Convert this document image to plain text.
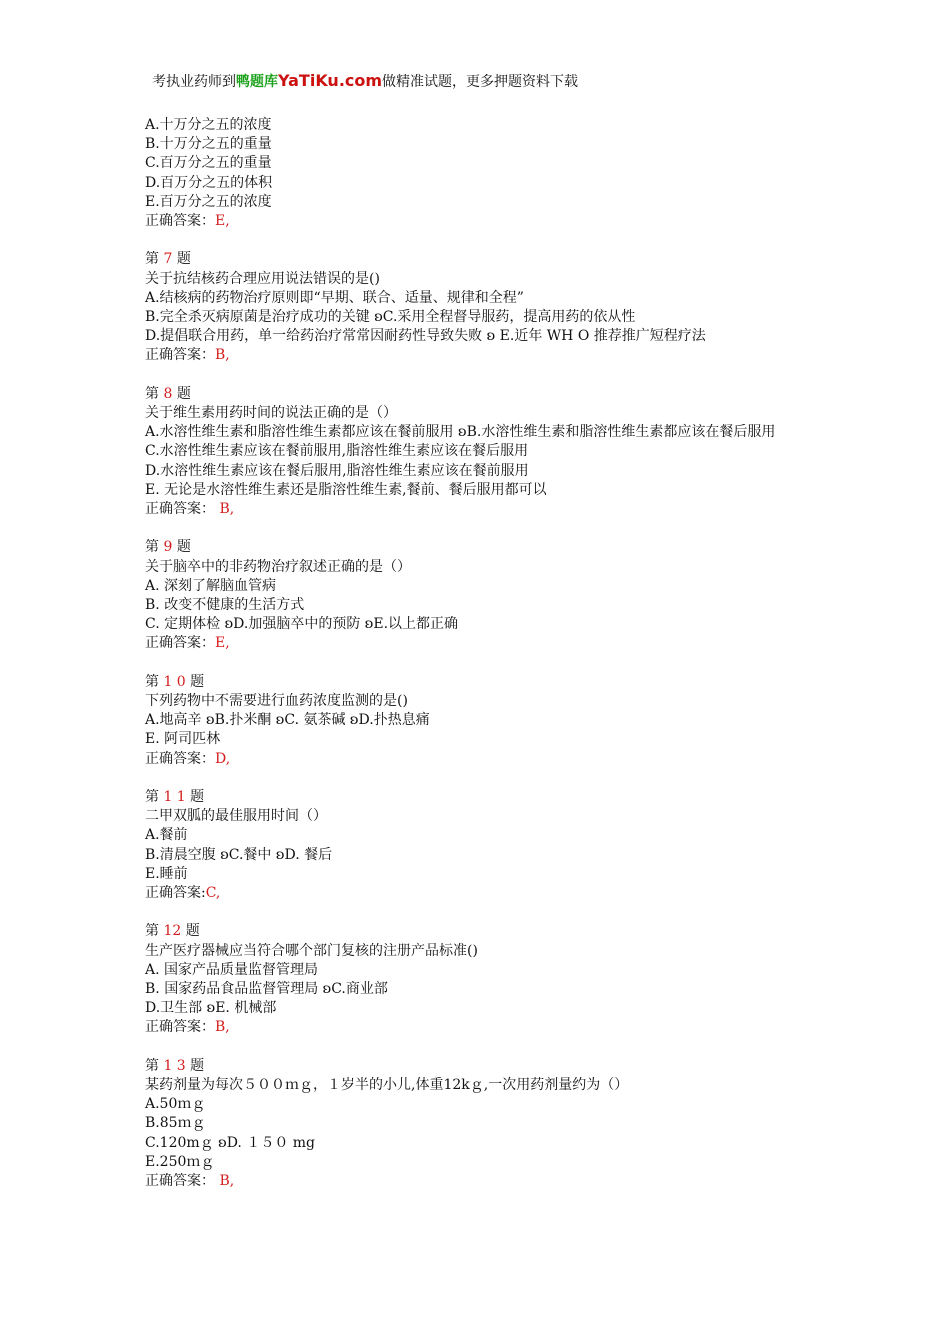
考执业药师到鸭题库YaTiKu.com做精准试题，更多押题资料下载
A.十万分之五的浓度
B.十万分之五的重量
C.百万分之五的重量
D.百万分之五的体积
E.百万分之五的浓度
正确答案：E,
第 7 题
关于抗结核药合理应用说法错误的是()
A.结核病的药物治疗原则即“早期、联合、适量、规律和全程”
B.完全杀灭病原菌是治疗成功的关键 ʚC.采用全程督导服药，提高用药的依从性
D.提倡联合用药，单一给药治疗常常因耐药性导致失败 ʚ E.近年 WH O 推荐推广短程疗法
正确答案：B,
第 8 题
关于维生素用药时间的说法正确的是（）
A.水溶性维生素和脂溶性维生素都应该在餐前服用 ʚB.水溶性维生素和脂溶性维生素都应该在餐后服用
C.水溶性维生素应该在餐前服用,脂溶性维生素应该在餐后服用
D.水溶性维生素应该在餐后服用,脂溶性维生素应该在餐前服用
E. 无论是水溶性维生素还是脂溶性维生素,餐前、餐后服用都可以
正确答案： B,
第 9 题
关于脑卒中的非药物治疗叙述正确的是（）
A. 深刻了解脑血管病
B. 改变不健康的生活方式
C. 定期体检 ʚD.加强脑卒中的预防 ʚE.以上都正确
正确答案：E,
第 1 0 题
下列药物中不需要进行血药浓度监测的是()
A.地高辛 ʚB.扑米酮 ʚC. 氨茶碱 ʚD.扑热息痛
E. 阿司匹林
正确答案：D,
第 1 1 题
二甲双胍的最佳服用时间（）
A.餐前
B.清晨空腹 ʚC.餐中 ʚD. 餐后
E.睡前
正确答案:C,
第 12 题
生产医疗器械应当符合哪个部门复核的注册产品标准()
A. 国家产品质量监督管理局
B. 国家药品食品监督管理局 ʚC.商业部
D.卫生部 ʚE. 机械部
正确答案：B,
第 1 3 题
某药剂量为每次５００ｍｇ，１岁半的小儿,体重12kｇ,一次用药剂量约为（）
A.50ｍｇ
B.85ｍｇ
C.120mｇ ʚD. １５０ mg
E.250ｍｇ
正确答案： B,
